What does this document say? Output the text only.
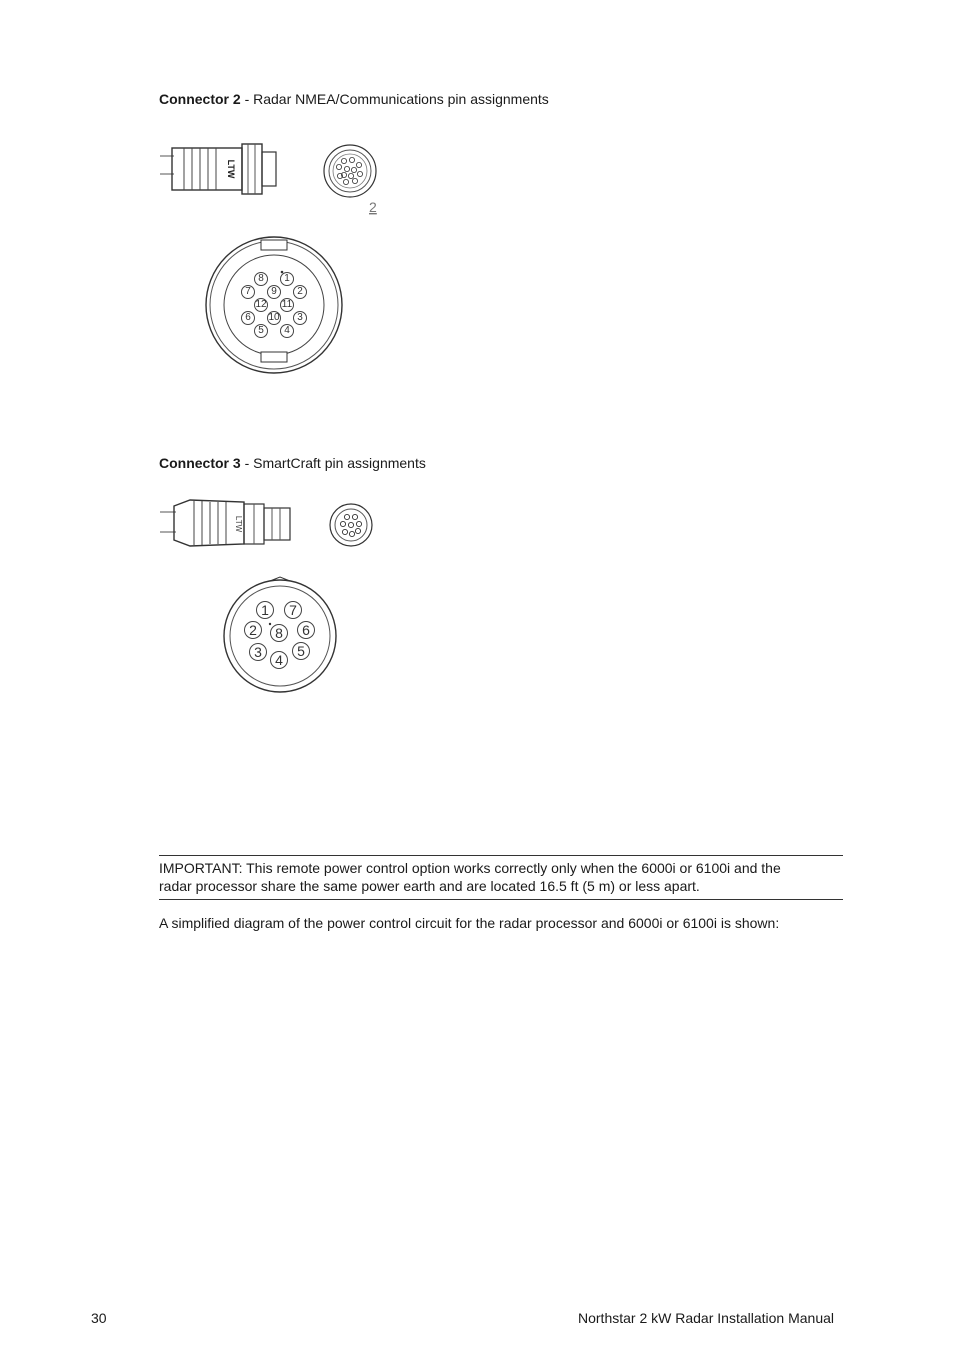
Connector 2 - Radar NMEA/Communications pin assignments
LTW
2
1
2
3
4
5
6
7
8
9
10
11
12
Connector 3 - SmartCraft pin assignments
LTW
1
2
3 4
5
6
7
8
IMPORTANT: This remote power control option works correctly only when the 6000i or 6100i and the
radar processor share the same power earth and are located 16.5 ft (5 m) or less apart.
A simplified diagram of the power control circuit for the radar processor and 6000i or 6100i is shown:
30	Northstar 2 kW Radar Installation Manual
